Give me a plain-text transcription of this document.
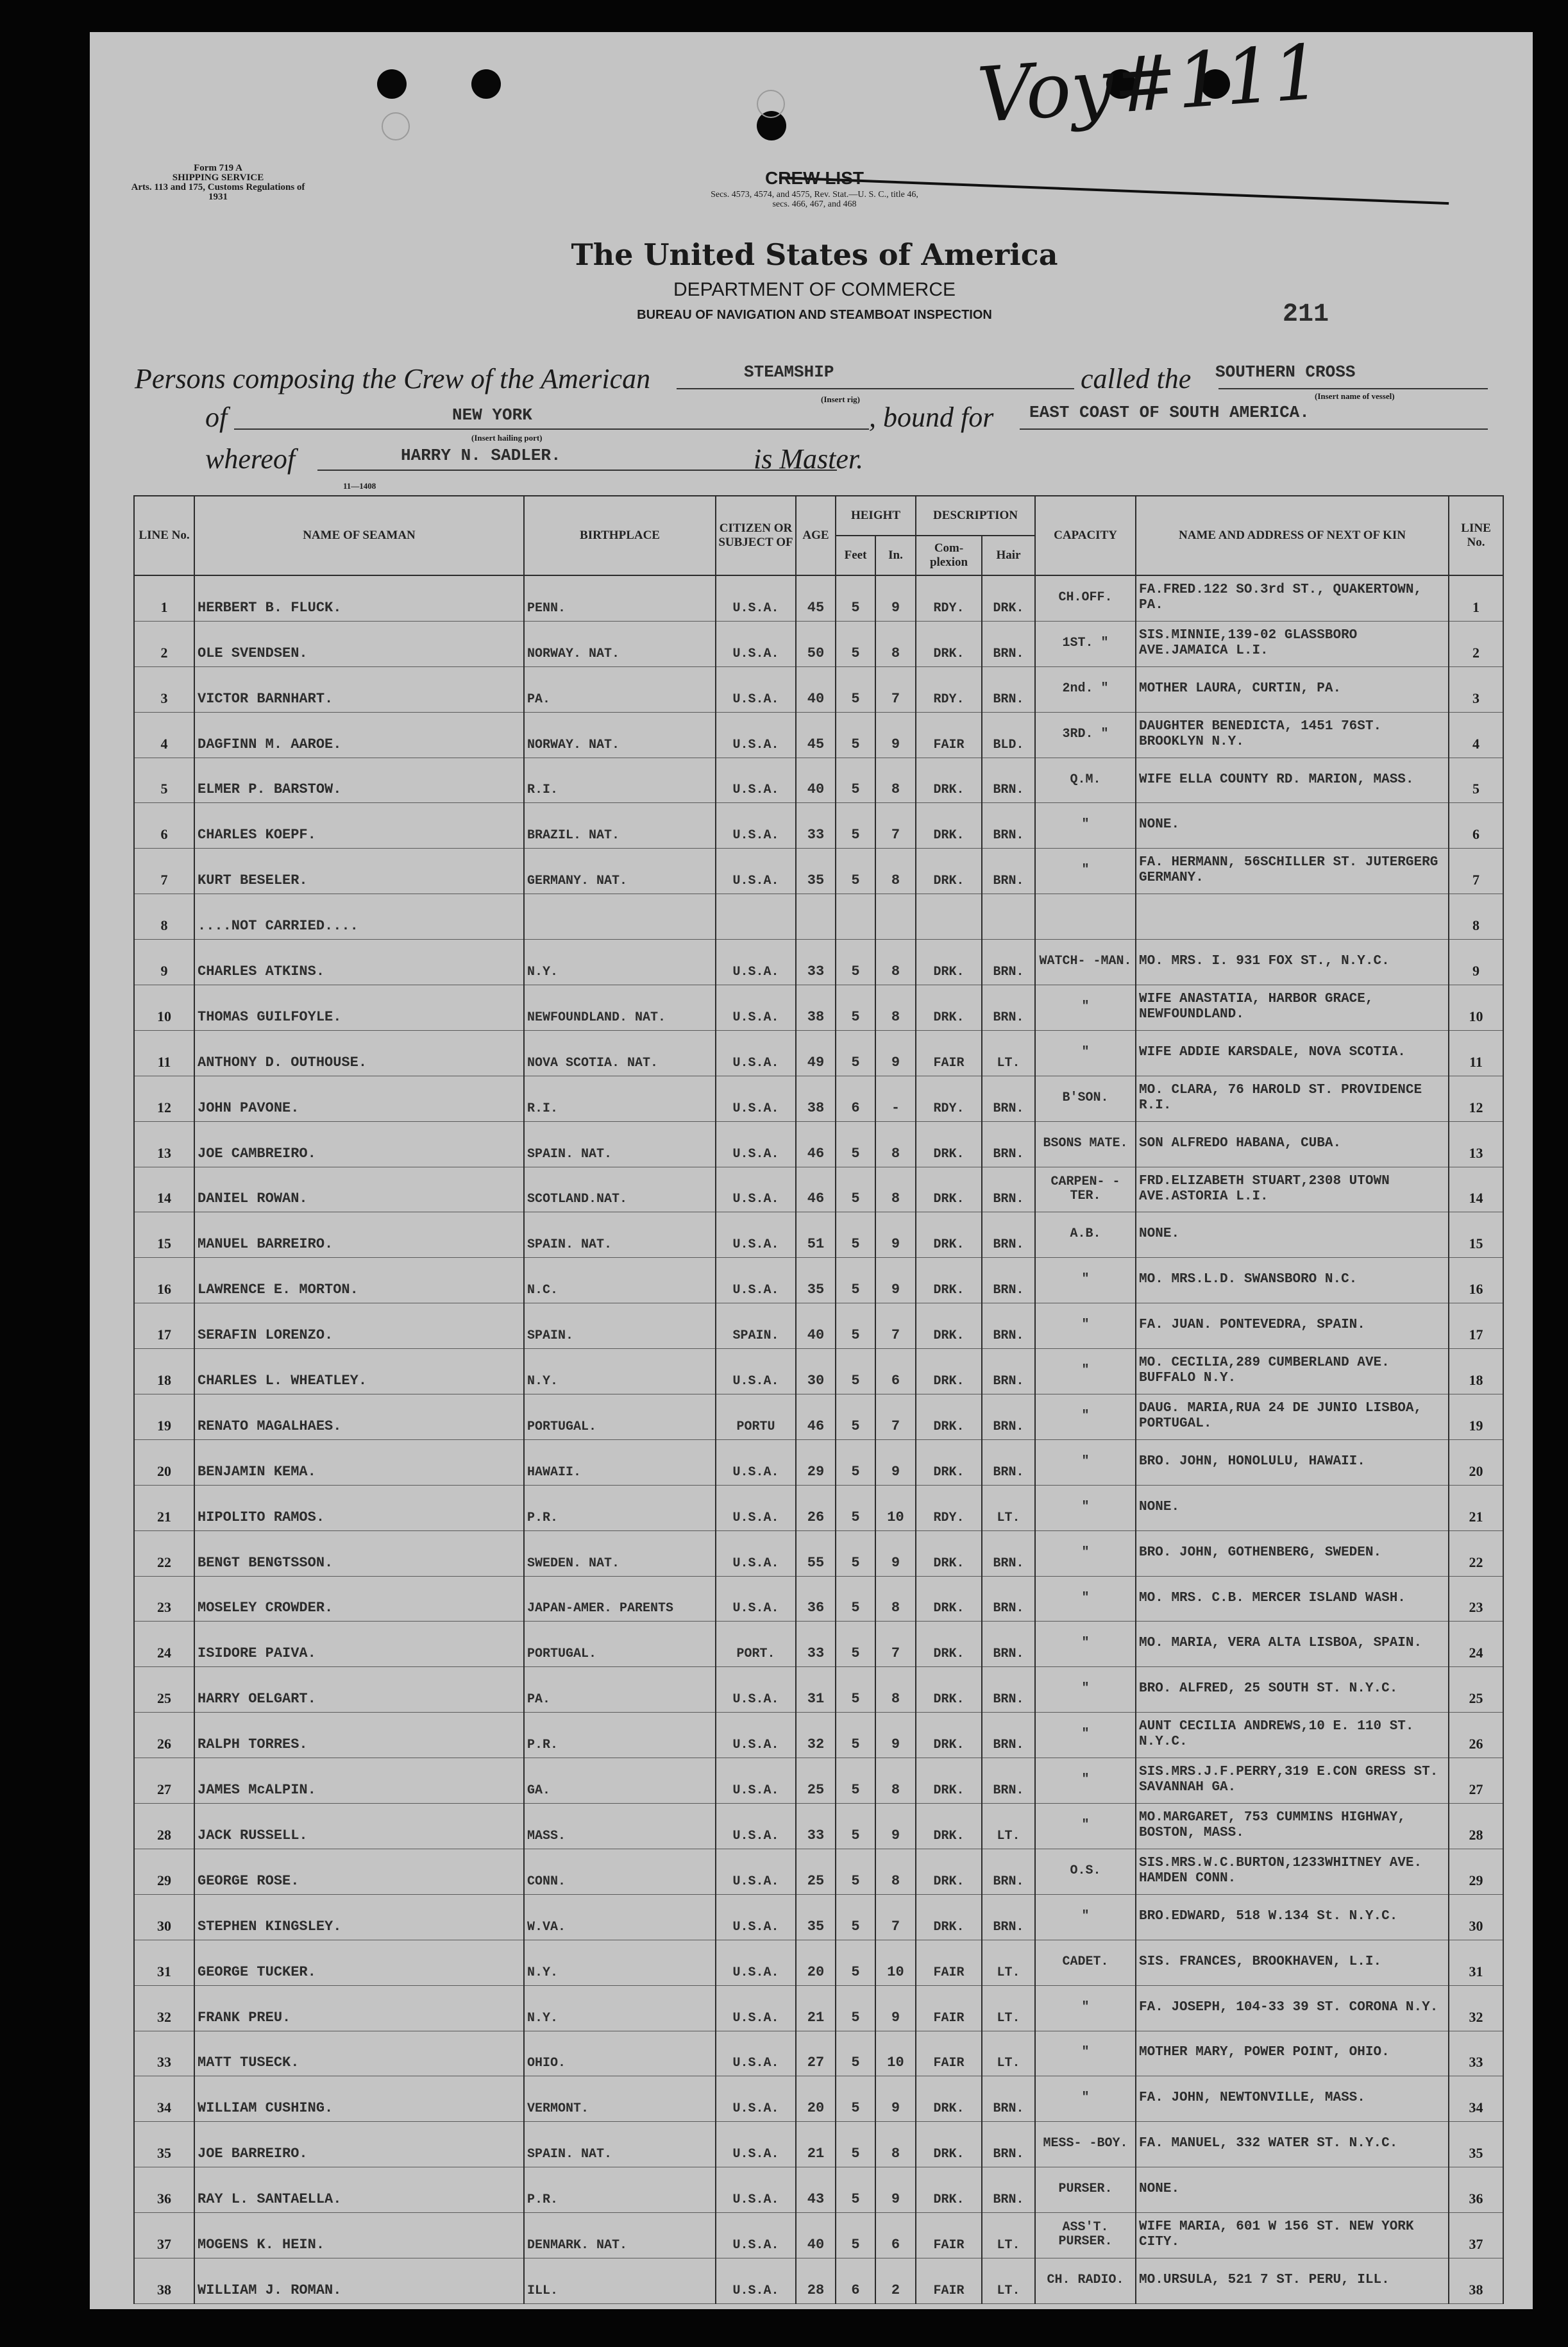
Voy#111
Form 719 A
SHIPPING SERVICE
Arts. 113 and 175, Customs Regulations of 1931
CREW LIST
Secs. 4573, 4574, and 4575, Rev. Stat.—U. S. C., title 46,
secs. 466, 467, and 468
The United States of America
DEPARTMENT OF COMMERCE
BUREAU OF NAVIGATION AND STEAMBOAT INSPECTION	211
Persons composing the Crew of the American	STEAMSHIP
(Insert rig)
called the SOUTHERN CROSS
(Insert name of vessel)
of	NEW YORK
(Insert hailing port)
, bound for EAST COAST OF SOUTH AMERICA.
whereof	HARRY N. SADLER.	is Master.
11—1408
LINE No.	NAME OF SEAMAN	BIRTHPLACE	CITIZEN OR SUBJECT OF	AGE	HEIGHT		DESCRIPTION		CAPACITY	NAME AND ADDRESS OF NEXT OF KIN	LINE No.
					Feet	In.	Com-plexion	Hair			
1	HERBERT B. FLUCK.	PENN.	U.S.A.	45	5	9	RDY.	DRK.	CH.OFF.	FA.FRED.122 SO.3rd ST., QUAKERTOWN, PA.	1
2	OLE SVENDSEN.	NORWAY. NAT.	U.S.A.	50	5	8	DRK.	BRN.	1ST. "	SIS.MINNIE,139-02 GLASSBORO AVE.JAMAICA L.I.	2
3	VICTOR BARNHART.	PA.	U.S.A.	40	5	7	RDY.	BRN.	2nd. "	MOTHER LAURA, CURTIN, PA.	3
4	DAGFINN M. AAROE.	NORWAY. NAT.	U.S.A.	45	5	9	FAIR	BLD.	3RD. "	DAUGHTER BENEDICTA, 1451 76ST. BROOKLYN N.Y.	4
5	ELMER P. BARSTOW.	R.I.	U.S.A.	40	5	8	DRK.	BRN.	Q.M.	WIFE ELLA COUNTY RD. MARION, MASS.	5
6	CHARLES KOEPF.	BRAZIL. NAT.	U.S.A.	33	5	7	DRK.	BRN.	"	NONE.	6
7	KURT BESELER.	GERMANY. NAT.	U.S.A.	35	5	8	DRK.	BRN.	"	FA. HERMANN, 56SCHILLER ST. JUTERGERG GERMANY.	7
8	....NOT CARRIED....										8
9	CHARLES ATKINS.	N.Y.	U.S.A.	33	5	8	DRK.	BRN.	WATCH- -MAN.	MO. MRS. I. 931 FOX ST., N.Y.C.	9
10	THOMAS GUILFOYLE.	NEWFOUNDLAND. NAT.	U.S.A.	38	5	8	DRK.	BRN.	"	WIFE ANASTATIA, HARBOR GRACE, NEWFOUNDLAND.	10
11	ANTHONY D. OUTHOUSE.	NOVA SCOTIA. NAT.	U.S.A.	49	5	9	FAIR	LT.	"	WIFE ADDIE KARSDALE, NOVA SCOTIA.	11
12	JOHN PAVONE.	R.I.	U.S.A.	38	6	-	RDY.	BRN.	B'SON.	MO. CLARA, 76 HAROLD ST. PROVIDENCE R.I.	12
13	JOE CAMBREIRO.	SPAIN. NAT.	U.S.A.	46	5	8	DRK.	BRN.	BSONS MATE.	SON ALFREDO HABANA, CUBA.	13
14	DANIEL ROWAN.	SCOTLAND.NAT.	U.S.A.	46	5	8	DRK.	BRN.	CARPEN- -TER.	FRD.ELIZABETH STUART,2308 UTOWN AVE.ASTORIA L.I.	14
15	MANUEL BARREIRO.	SPAIN. NAT.	U.S.A.	51	5	9	DRK.	BRN.	A.B.	NONE.	15
16	LAWRENCE E. MORTON.	N.C.	U.S.A.	35	5	9	DRK.	BRN.	"	MO. MRS.L.D. SWANSBORO N.C.	16
17	SERAFIN LORENZO.	SPAIN.	SPAIN.	40	5	7	DRK.	BRN.	"	FA. JUAN. PONTEVEDRA, SPAIN.	17
18	CHARLES L. WHEATLEY.	N.Y.	U.S.A.	30	5	6	DRK.	BRN.	"	MO. CECILIA,289 CUMBERLAND AVE. BUFFALO N.Y.	18
19	RENATO MAGALHAES.	PORTUGAL.	PORTU	46	5	7	DRK.	BRN.	"	DAUG. MARIA,RUA 24 DE JUNIO LISBOA, PORTUGAL.	19
20	BENJAMIN KEMA.	HAWAII.	U.S.A.	29	5	9	DRK.	BRN.	"	BRO. JOHN, HONOLULU, HAWAII.	20
21	HIPOLITO RAMOS.	P.R.	U.S.A.	26	5	10	RDY.	LT.	"	NONE.	21
22	BENGT BENGTSSON.	SWEDEN. NAT.	U.S.A.	55	5	9	DRK.	BRN.	"	BRO. JOHN, GOTHENBERG, SWEDEN.	22
23	MOSELEY CROWDER.	JAPAN-AMER. PARENTS	U.S.A.	36	5	8	DRK.	BRN.	"	MO. MRS. C.B. MERCER ISLAND WASH.	23
24	ISIDORE PAIVA.	PORTUGAL.	PORT.	33	5	7	DRK.	BRN.	"	MO. MARIA, VERA ALTA LISBOA, SPAIN.	24
25	HARRY OELGART.	PA.	U.S.A.	31	5	8	DRK.	BRN.	"	BRO. ALFRED, 25 SOUTH ST. N.Y.C.	25
26	RALPH TORRES.	P.R.	U.S.A.	32	5	9	DRK.	BRN.	"	AUNT CECILIA ANDREWS,10 E. 110 ST. N.Y.C.	26
27	JAMES McALPIN.	GA.	U.S.A.	25	5	8	DRK.	BRN.	"	SIS.MRS.J.F.PERRY,319 E.CON GRESS ST. SAVANNAH GA.	27
28	JACK RUSSELL.	MASS.	U.S.A.	33	5	9	DRK.	LT.	"	MO.MARGARET, 753 CUMMINS HIGHWAY, BOSTON, MASS.	28
29	GEORGE ROSE.	CONN.	U.S.A.	25	5	8	DRK.	BRN.	O.S.	SIS.MRS.W.C.BURTON,1233WHITNEY AVE. HAMDEN CONN.	29
30	STEPHEN KINGSLEY.	W.VA.	U.S.A.	35	5	7	DRK.	BRN.	"	BRO.EDWARD, 518 W.134 St. N.Y.C.	30
31	GEORGE TUCKER.	N.Y.	U.S.A.	20	5	10	FAIR	LT.	CADET.	SIS. FRANCES, BROOKHAVEN, L.I.	31
32	FRANK PREU.	N.Y.	U.S.A.	21	5	9	FAIR	LT.	"	FA. JOSEPH, 104-33 39 ST. CORONA N.Y.	32
33	MATT TUSECK.	OHIO.	U.S.A.	27	5	10	FAIR	LT.	"	MOTHER MARY, POWER POINT, OHIO.	33
34	WILLIAM CUSHING.	VERMONT.	U.S.A.	20	5	9	DRK.	BRN.	"	FA. JOHN, NEWTONVILLE, MASS.	34
35	JOE BARREIRO.	SPAIN. NAT.	U.S.A.	21	5	8	DRK.	BRN.	MESS- -BOY.	FA. MANUEL, 332 WATER ST. N.Y.C.	35
36	RAY L. SANTAELLA.	P.R.	U.S.A.	43	5	9	DRK.	BRN.	PURSER.	NONE.	36
37	MOGENS K. HEIN.	DENMARK. NAT.	U.S.A.	40	5	6	FAIR	LT.	ASS'T. PURSER.	WIFE MARIA, 601 W 156 ST. NEW YORK CITY.	37
38	WILLIAM J. ROMAN.	ILL.	U.S.A.	28	6	2	FAIR	LT.	CH. RADIO.	MO.URSULA, 521 7 ST. PERU, ILL.	38
